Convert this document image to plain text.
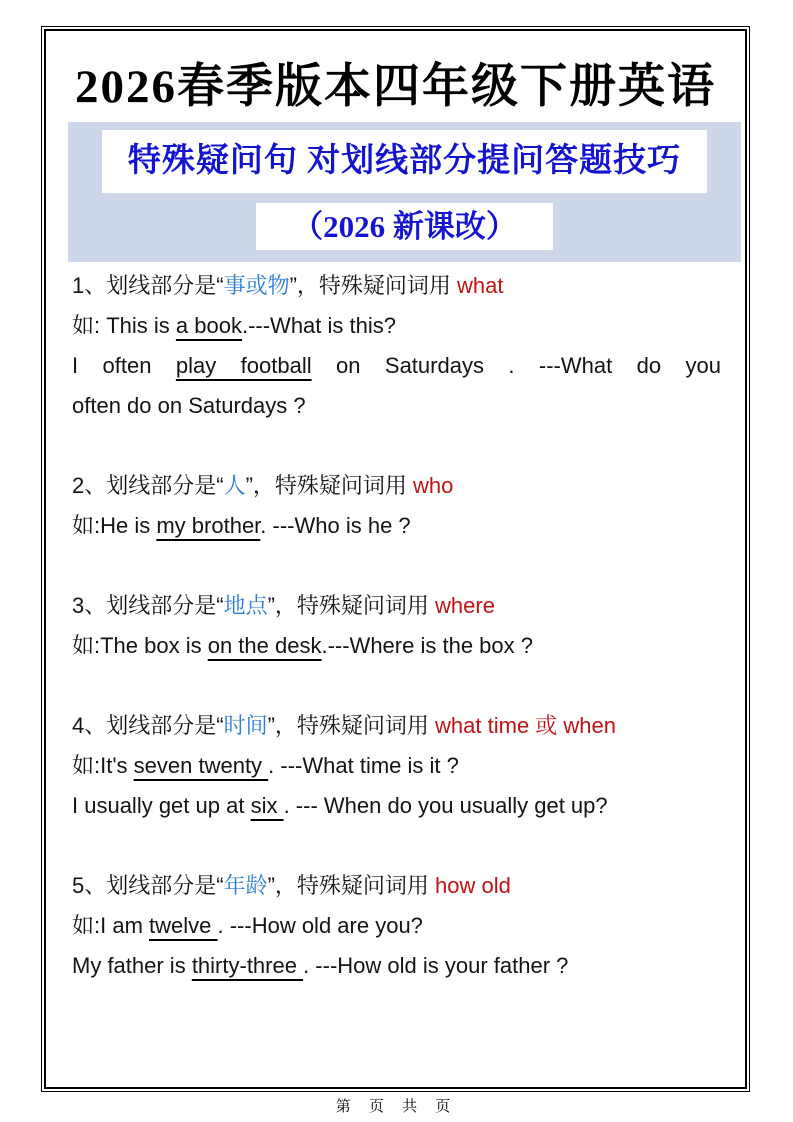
2026春季版本四年级下册英语
特殊疑问句 对划线部分提问答题技巧
（2026 新课改）
1、划线部分是“事或物”，特殊疑问词用 what
如: This is a book.---What is this?
I often play football on Saturdays . ---What do you
often do on Saturdays ?
2、划线部分是“人”，特殊疑问词用 who
如:He is my brother. ---Who is he ?
3、划线部分是“地点”，特殊疑问词用 where
如:The box is on the desk.---Where is the box ?
4、划线部分是“时间”，特殊疑问词用 what time 或 when
如:It's seven twenty . ---What time is it ?
I usually get up at six . --- When do you usually get up?
5、划线部分是“年龄”，特殊疑问词用 how old
如:I am twelve . ---How old are you?
My father is thirty-three . ---How old is your father ?
第 页 共 页
